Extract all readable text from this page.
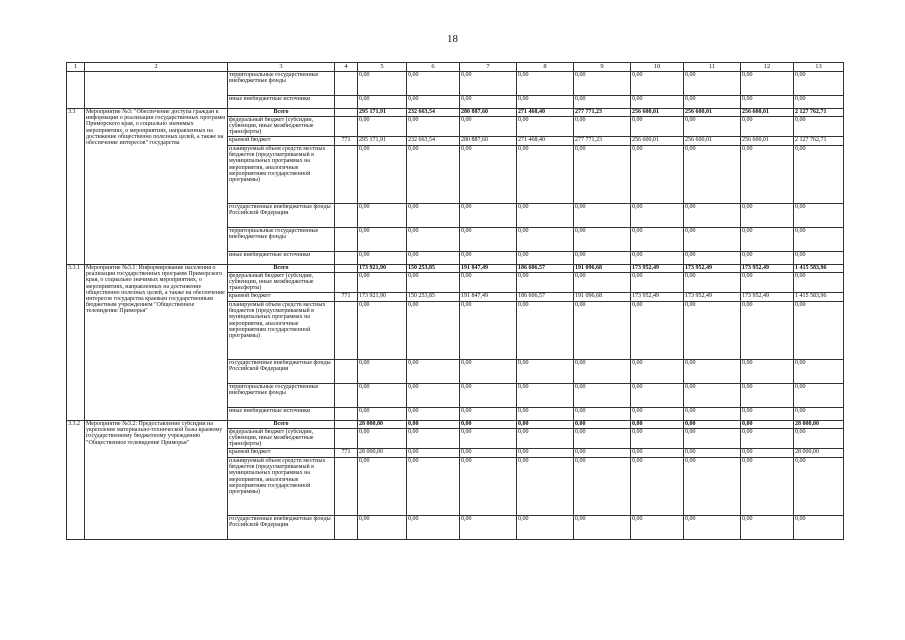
18
1	2	3	4	5	6	7	8	9	10	11	12	13
		территориальные государственные внебюджетные фонды		0,00	0,00	0,00	0,00	0,00	0,00	0,00	0,00	0,00
		иные внебюджетные источники		0,00	0,00	0,00	0,00	0,00	0,00	0,00	0,00	0,00
3.3	Мероприятие №3: "Обеспечение доступа граждан к информации о реализации государственных программ Приморского края, о социально значимых мероприятиях, о мероприятиях, направленных на достижение общественно полезных целей, а также на обеспечение интересов" государства	Всего		295 171,91	232 663,54	280 887,60	271 468,40	277 771,23	256 600,01	256 600,01	256 600,01	2 127 762,71
		федеральный бюджет (субсидии, субвенции, иные межбюджетные трансферты)		0,00	0,00	0,00	0,00	0,00	0,00	0,00	0,00	0,00
		краевой бюджет	771	295 171,91	232 663,54	280 887,60	271 468,40	277 771,23	256 600,01	256 600,01	256 600,01	2 127 762,71
		планируемый объем средств местных бюджетов (предусматриваемый в муниципальных программах на мероприятия, аналогичные мероприятиям государственной программы)		0,00	0,00	0,00	0,00	0,00	0,00	0,00	0,00	0,00
		государственные внебюджетные фонды Российской Федерации		0,00	0,00	0,00	0,00	0,00	0,00	0,00	0,00	0,00
		территориальные государственные внебюджетные фонды		0,00	0,00	0,00	0,00	0,00	0,00	0,00	0,00	0,00
		иные внебюджетные источники		0,00	0,00	0,00	0,00	0,00	0,00	0,00	0,00	0,00
3.3.1	Мероприятие №3.1: Информирование населения о реализации государственных программ Приморского края, о социально значимых мероприятиях, о мероприятиях, направленных на достижение общественно полезных целей, а также на обеспечение интересов государства краевым государственным бюджетным учреждением "Общественное телевидение Приморья"	Всего		173 921,90	150 253,85	191 847,49	186 606,57	191 096,68	173 952,49	173 952,49	173 952,49	1 415 583,96
		федеральный бюджет (субсидии, субвенции, иные межбюджетные трансферты)		0,00	0,00	0,00	0,00	0,00	0,00	0,00	0,00	0,00
		краевой бюджет	771	173 921,90	150 253,85	191 847,49	186 606,57	191 096,68	173 952,49	173 952,49	173 952,49	1 415 583,96
		планируемый объем средств местных бюджетов (предусматриваемый в муниципальных программах на мероприятия, аналогичные мероприятиям государственной программы)		0,00	0,00	0,00	0,00	0,00	0,00	0,00	0,00	0,00
		государственные внебюджетные фонды Российской Федерации		0,00	0,00	0,00	0,00	0,00	0,00	0,00	0,00	0,00
		территориальные государственные внебюджетные фонды		0,00	0,00	0,00	0,00	0,00	0,00	0,00	0,00	0,00
		иные внебюджетные источники		0,00	0,00	0,00	0,00	0,00	0,00	0,00	0,00	0,00
3.3.2	Мероприятие №3.2: Предоставление субсидии на укрепление материально-технической базы краевому государственному бюджетному учреждению "Общественное телевидение Приморья"	Всего		28 000,00	0,00	0,00	0,00	0,00	0,00	0,00	0,00	28 000,00
		федеральный бюджет (субсидии, субвенции, иные межбюджетные трансферты)		0,00	0,00	0,00	0,00	0,00	0,00	0,00	0,00	0,00
		краевой бюджет	771	28 000,00	0,00	0,00	0,00	0,00	0,00	0,00	0,00	28 000,00
		планируемый объем средств местных бюджетов (предусматриваемый в муниципальных программах на мероприятия, аналогичные мероприятиям государственной программы)		0,00	0,00	0,00	0,00	0,00	0,00	0,00	0,00	0,00
		государственные внебюджетные фонды Российской Федерации		0,00	0,00	0,00	0,00	0,00	0,00	0,00	0,00	0,00
